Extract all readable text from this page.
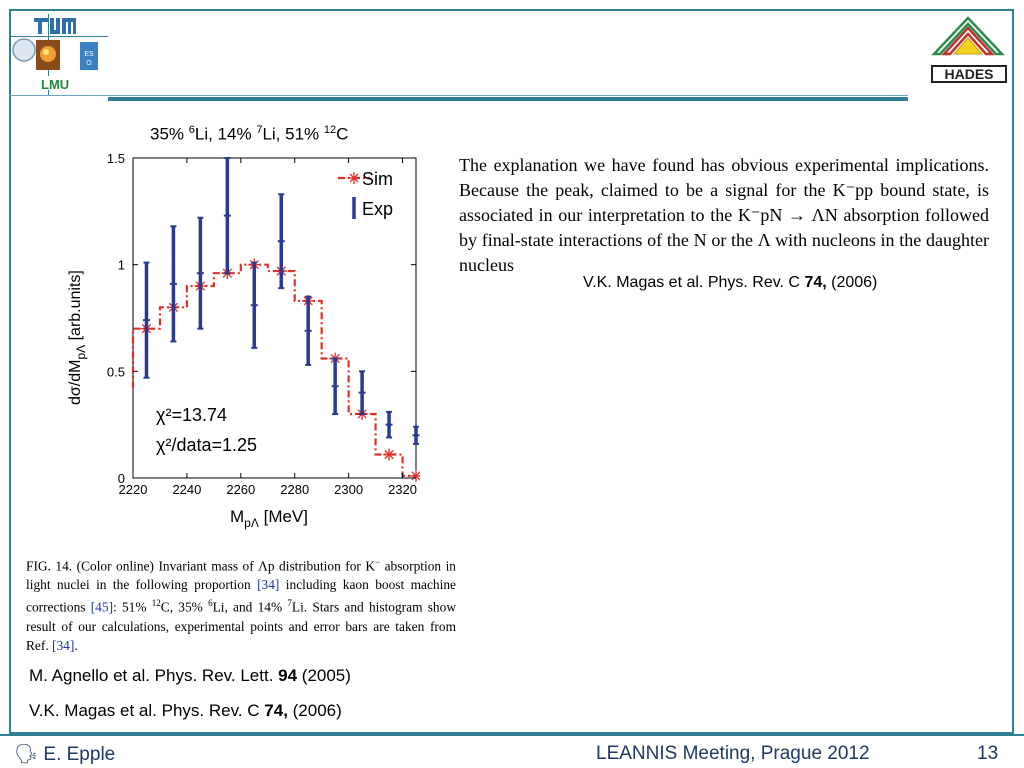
ES
O
LMU
HADES
35% $^6$Li, 14% $^7$Li, 51% $^{12}$C
2220 2240 2260 2280 2300 2320
0
0.5
1
1.5
Sim
Exp
χ²=13.74
χ²/data=1.25
$M_{p\Lambda}$ [MeV]
$d\sigma/dM_{p\Lambda}$ [arb.units]
The explanation we have found has obvious experimental implications. Because the peak, claimed to be a signal for the K⁻pp bound state, is associated in our interpretation to the K⁻pN → ΛN absorption followed by final-state interactions of the N or the Λ with nucleons in the daughter nucleus
V.K. Magas et al. Phys. Rev. C 74, (2006)
FIG. 14. (Color online) Invariant mass of Λp distribution for K− absorption in light nuclei in the following proportion [34] including kaon boost machine corrections [45]: 51% $^{12}$C, 35% $^6$Li, and 14% $^7$Li. Stars and histogram show result of our calculations, experimental points and error bars are taken from Ref. [34].
M. Agnello et al. Phys. Rev. Lett. 94 (2005)
V.K. Magas et al. Phys. Rev. C 74, (2006)
🗣 E. Epple	LEANNIS Meeting, Prague 2012	13
